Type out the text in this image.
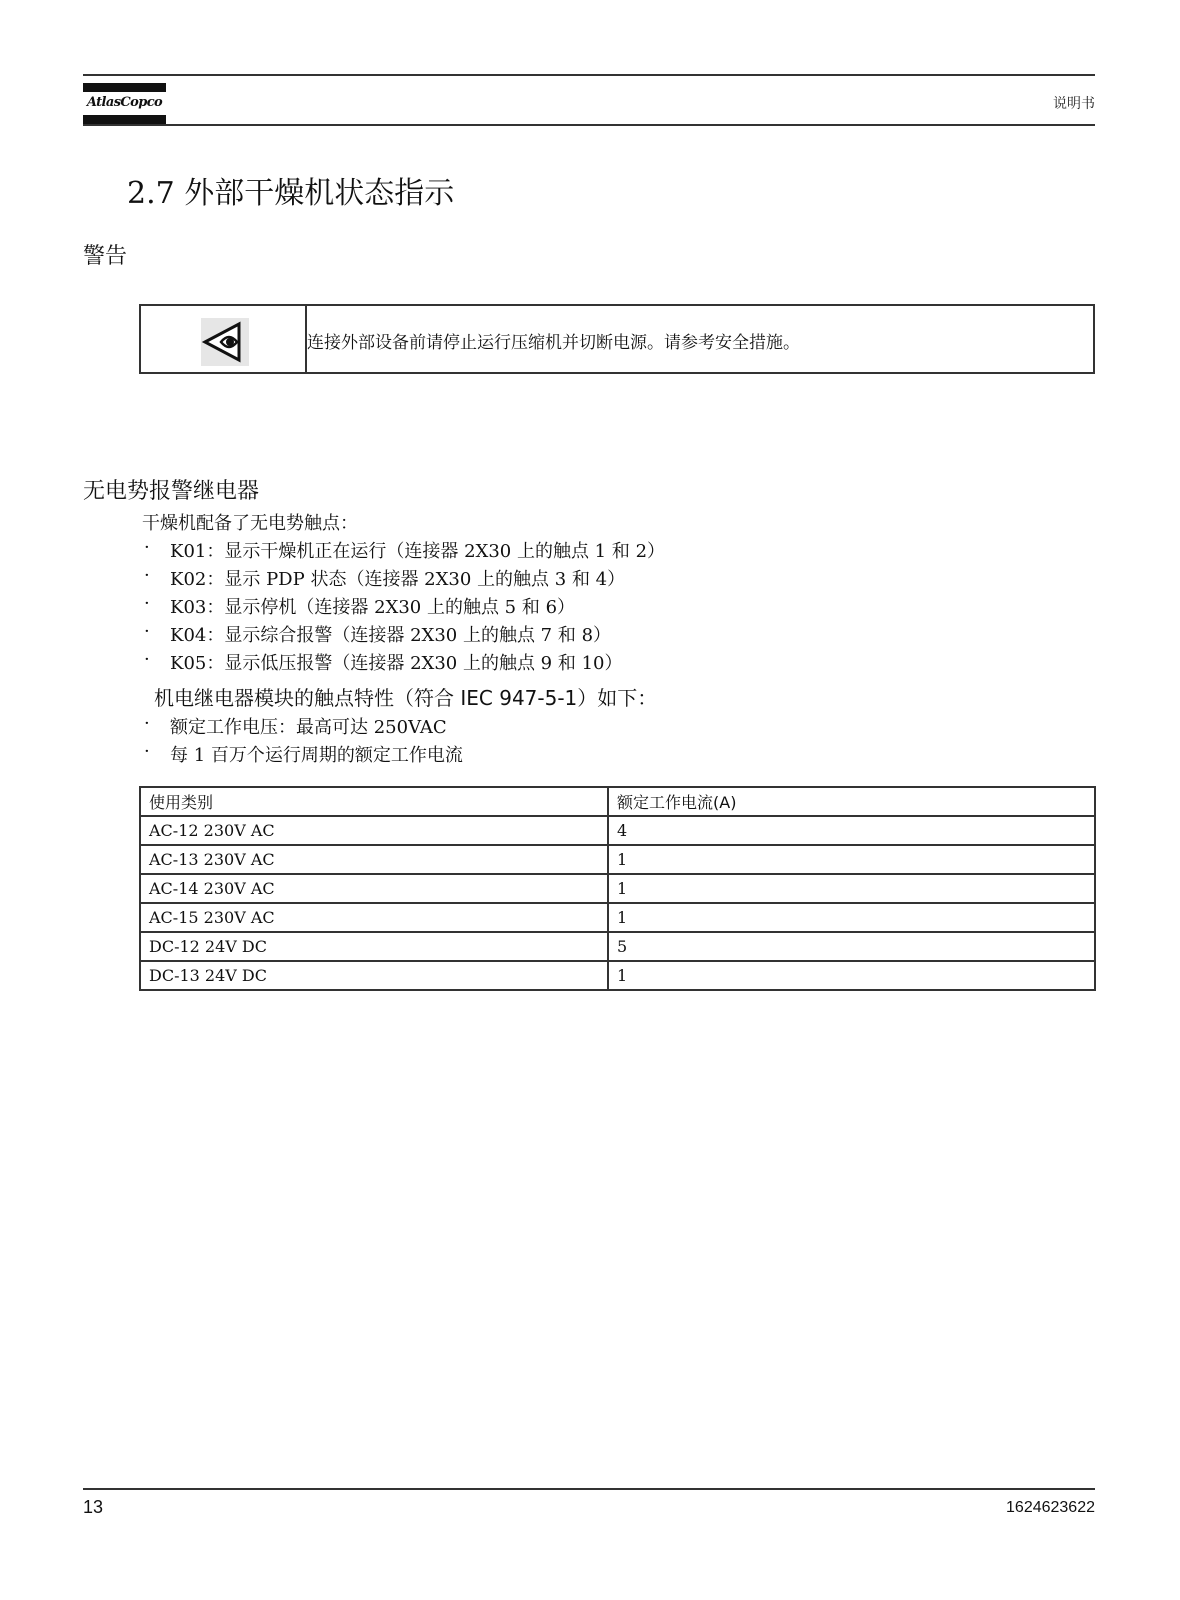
AtlasCopco	说明书
2.7 外部干燥机状态指示
警告
连接外部设备前请停止运行压缩机并切断电源。请参考安全措施。
无电势报警继电器
干燥机配备了无电势触点：
· K01：显示干燥机正在运行（连接器 2X30 上的触点 1 和 2）
· K02：显示 PDP 状态（连接器 2X30 上的触点 3 和 4）
· K03：显示停机（连接器 2X30 上的触点 5 和 6）
· K04：显示综合报警（连接器 2X30 上的触点 7 和 8）
· K05：显示低压报警（连接器 2X30 上的触点 9 和 10）
机电继电器模块的触点特性（符合 IEC 947-5-1）如下：
· 额定工作电压：最高可达 250VAC
· 每 1 百万个运行周期的额定工作电流
使用类别	额定工作电流(A)
AC-12 230V AC	4
AC-13 230V AC	1
AC-14 230V AC	1
AC-15 230V AC	1
DC-12 24V DC	5
DC-13 24V DC	1
13	1624623622
